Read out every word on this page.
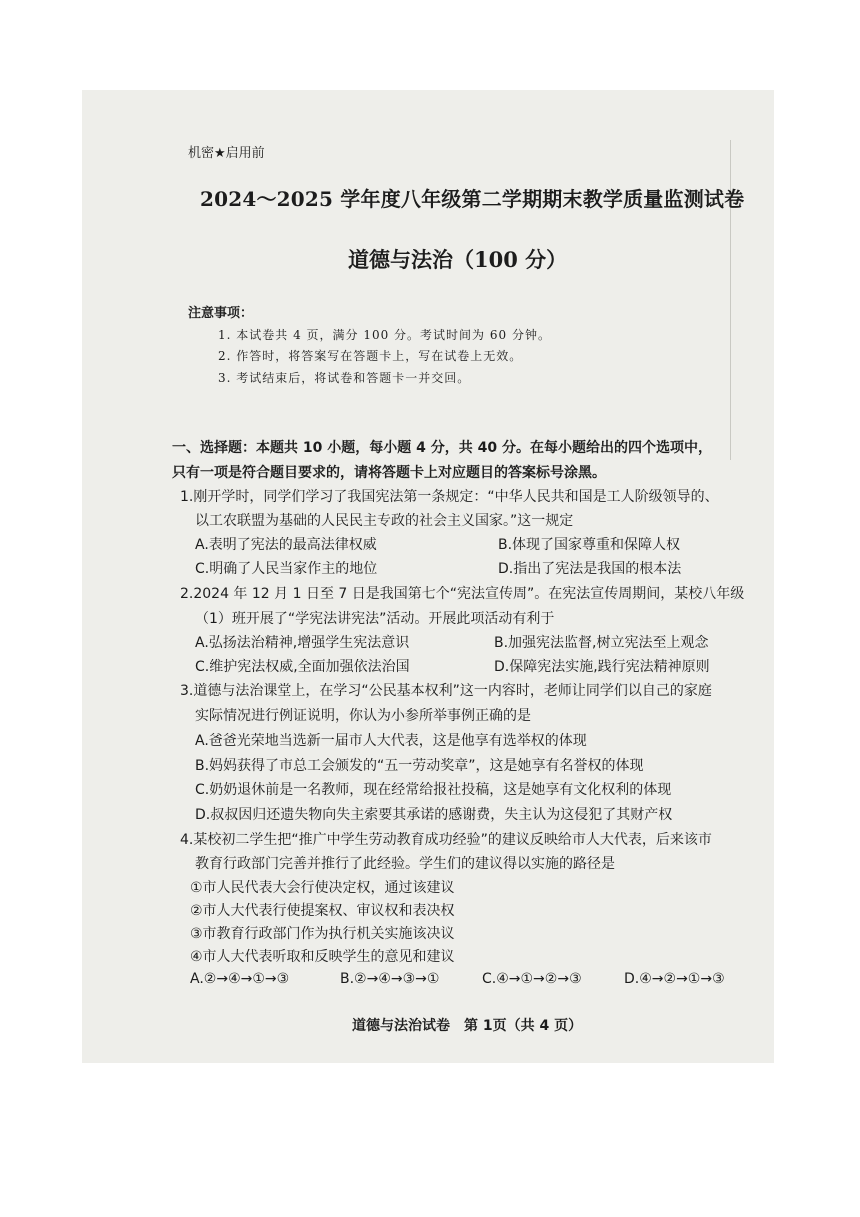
机密★启用前
2024～2025 学年度八年级第二学期期末教学质量监测试卷
道德与法治（100 分）
注意事项：
1. 本试卷共 4 页，满分 100 分。考试时间为 60 分钟。
2. 作答时，将答案写在答题卡上，写在试卷上无效。
3. 考试结束后，将试卷和答题卡一并交回。
一、选择题：本题共 10 小题，每小题 4 分，共 40 分。在每小题给出的四个选项中，
只有一项是符合题目要求的，请将答题卡上对应题目的答案标号涂黑。
1.刚开学时，同学们学习了我国宪法第一条规定：“中华人民共和国是工人阶级领导的、
以工农联盟为基础的人民民主专政的社会主义国家。”这一规定
A.表明了宪法的最高法律权威	B.体现了国家尊重和保障人权
C.明确了人民当家作主的地位	D.指出了宪法是我国的根本法
2.2024 年 12 月 1 日至 7 日是我国第七个“宪法宣传周”。在宪法宣传周期间，某校八年级
（1）班开展了“学宪法讲宪法”活动。开展此项活动有利于
A.弘扬法治精神,增强学生宪法意识	B.加强宪法监督,树立宪法至上观念
C.维护宪法权威,全面加强依法治国	D.保障宪法实施,践行宪法精神原则
3.道德与法治课堂上，在学习“公民基本权利”这一内容时，老师让同学们以自己的家庭
实际情况进行例证说明，你认为小参所举事例正确的是
A.爸爸光荣地当选新一届市人大代表，这是他享有选举权的体现
B.妈妈获得了市总工会颁发的“五一劳动奖章”，这是她享有名誉权的体现
C.奶奶退休前是一名教师，现在经常给报社投稿，这是她享有文化权利的体现
D.叔叔因归还遗失物向失主索要其承诺的感谢费，失主认为这侵犯了其财产权
4.某校初二学生把“推广中学生劳动教育成功经验”的建议反映给市人大代表，后来该市
教育行政部门完善并推行了此经验。学生们的建议得以实施的路径是
①市人民代表大会行使决定权，通过该建议
②市人大代表行使提案权、审议权和表决权
③市教育行政部门作为执行机关实施该决议
④市人大代表听取和反映学生的意见和建议
A.②→④→①→③	B.②→④→③→①	C.④→①→②→③	D.④→②→①→③
道德与法治试卷　第 1页（共 4 页）
